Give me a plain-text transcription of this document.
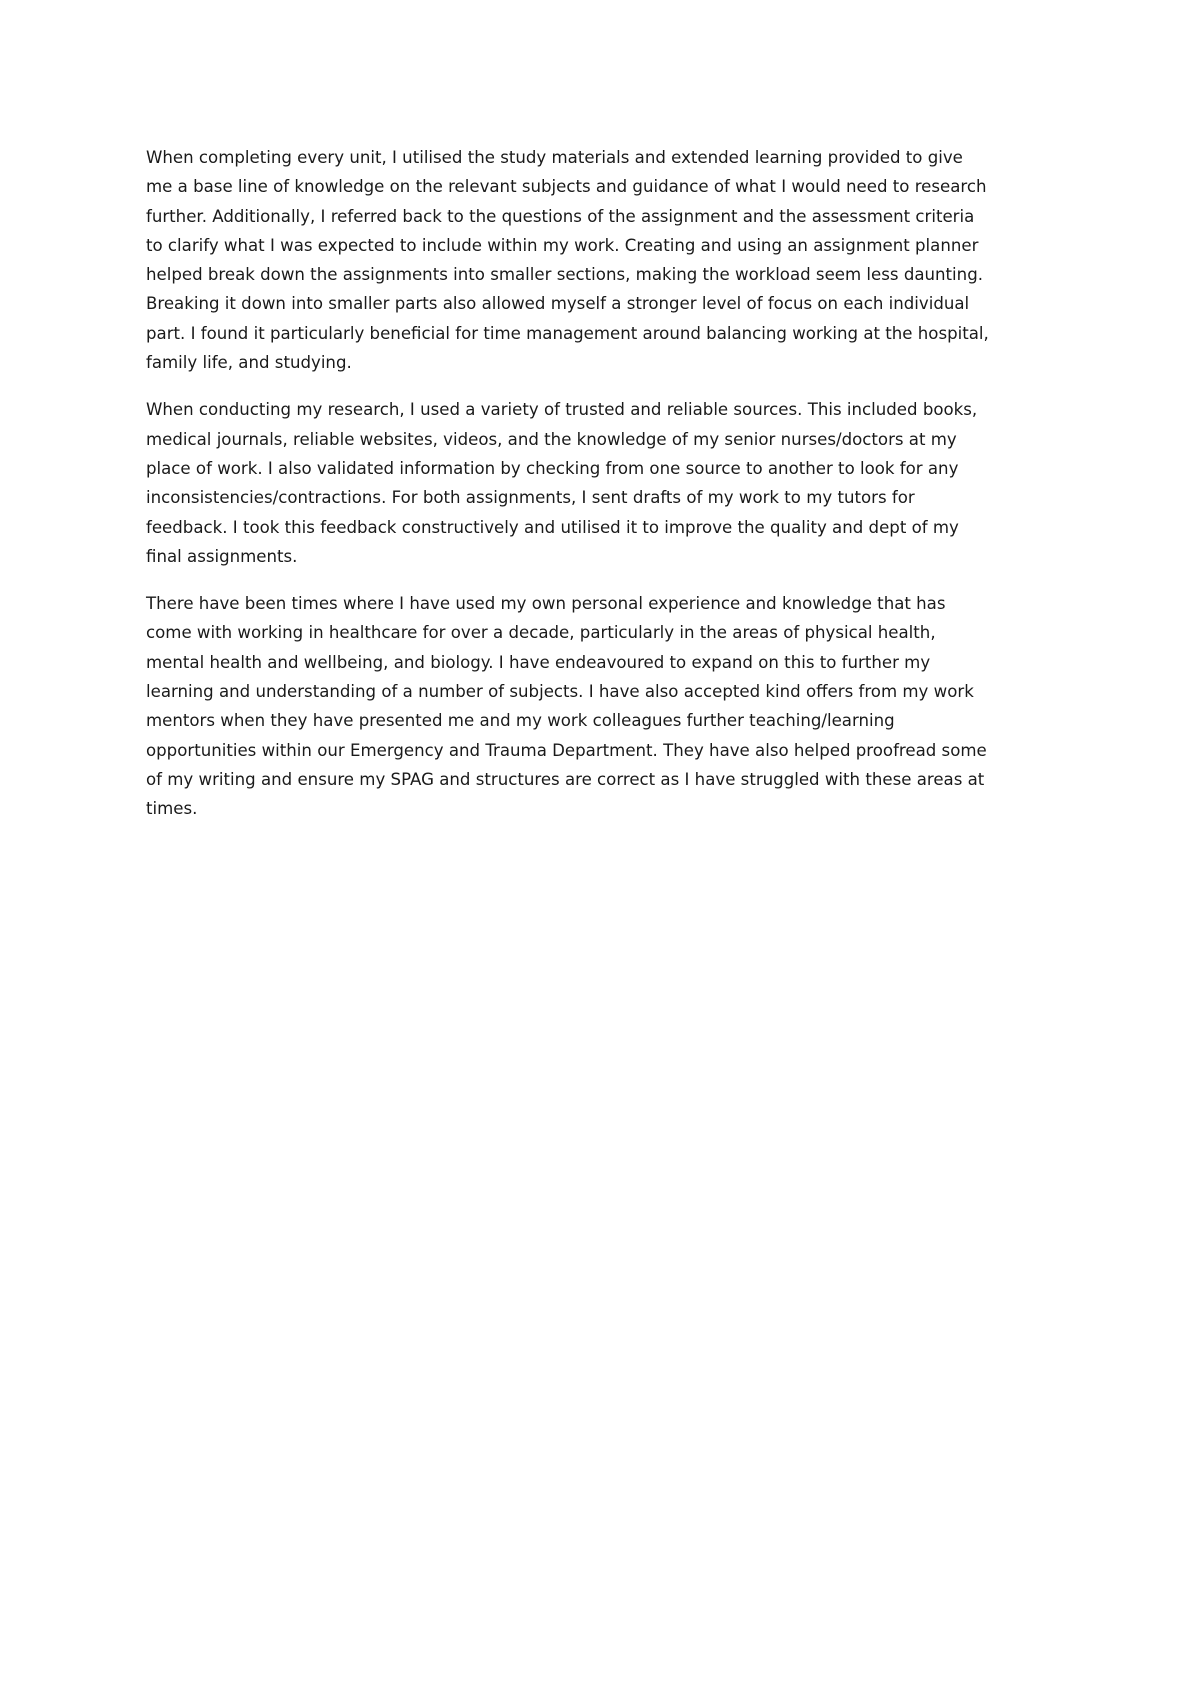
When completing every unit, I utilised the study materials and extended learning provided to give
me a base line of knowledge on the relevant subjects and guidance of what I would need to research
further. Additionally, I referred back to the questions of the assignment and the assessment criteria
to clarify what I was expected to include within my work. Creating and using an assignment planner
helped break down the assignments into smaller sections, making the workload seem less daunting.
Breaking it down into smaller parts also allowed myself a stronger level of focus on each individual
part. I found it particularly beneficial for time management around balancing working at the hospital,
family life, and studying.

When conducting my research, I used a variety of trusted and reliable sources. This included books,
medical journals, reliable websites, videos, and the knowledge of my senior nurses/doctors at my
place of work. I also validated information by checking from one source to another to look for any
inconsistencies/contractions. For both assignments, I sent drafts of my work to my tutors for
feedback. I took this feedback constructively and utilised it to improve the quality and dept of my
final assignments.

There have been times where I have used my own personal experience and knowledge that has
come with working in healthcare for over a decade, particularly in the areas of physical health,
mental health and wellbeing, and biology. I have endeavoured to expand on this to further my
learning and understanding of a number of subjects. I have also accepted kind offers from my work
mentors when they have presented me and my work colleagues further teaching/learning
opportunities within our Emergency and Trauma Department. They have also helped proofread some
of my writing and ensure my SPAG and structures are correct as I have struggled with these areas at
times.
